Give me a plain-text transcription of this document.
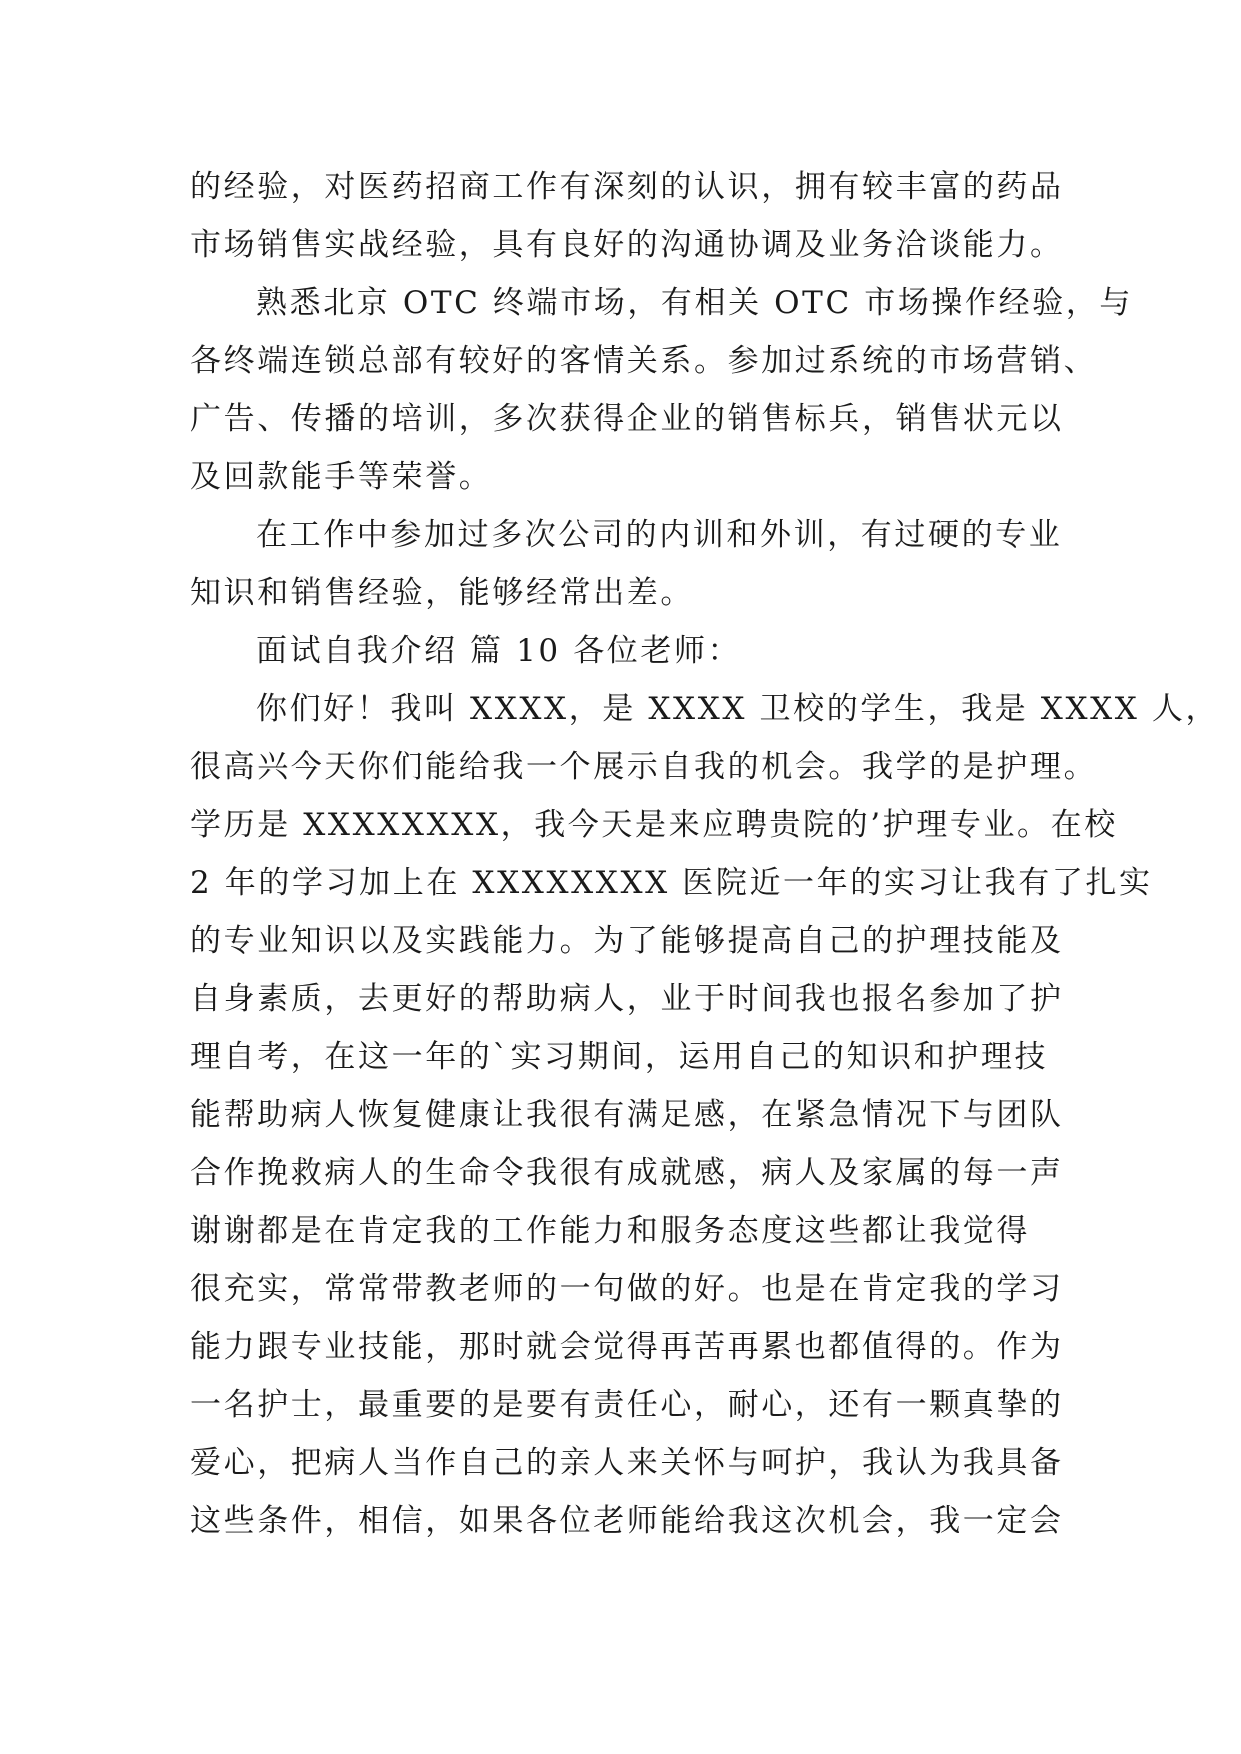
的经验，对医药招商工作有深刻的认识，拥有较丰富的药品
市场销售实战经验，具有良好的沟通协调及业务洽谈能力。
熟悉北京 OTC 终端市场，有相关 OTC 市场操作经验，与
各终端连锁总部有较好的客情关系。参加过系统的市场营销、
广告、传播的培训，多次获得企业的销售标兵，销售状元以
及回款能手等荣誉。
在工作中参加过多次公司的内训和外训，有过硬的专业
知识和销售经验，能够经常出差。
面试自我介绍 篇 10 各位老师：
你们好！我叫 XXXX，是 XXXX 卫校的学生，我是 XXXX 人，
很高兴今天你们能给我一个展示自我的机会。我学的是护理。
学历是 XXXXXXXX，我今天是来应聘贵院的’护理专业。在校
2 年的学习加上在 XXXXXXXX 医院近一年的实习让我有了扎实
的专业知识以及实践能力。为了能够提高自己的护理技能及
自身素质，去更好的帮助病人，业于时间我也报名参加了护
理自考，在这一年的`实习期间，运用自己的知识和护理技
能帮助病人恢复健康让我很有满足感，在紧急情况下与团队
合作挽救病人的生命令我很有成就感，病人及家属的每一声
谢谢都是在肯定我的工作能力和服务态度这些都让我觉得
很充实，常常带教老师的一句做的好。也是在肯定我的学习
能力跟专业技能，那时就会觉得再苦再累也都值得的。作为
一名护士，最重要的是要有责任心，耐心，还有一颗真挚的
爱心，把病人当作自己的亲人来关怀与呵护，我认为我具备
这些条件，相信，如果各位老师能给我这次机会，我一定会
